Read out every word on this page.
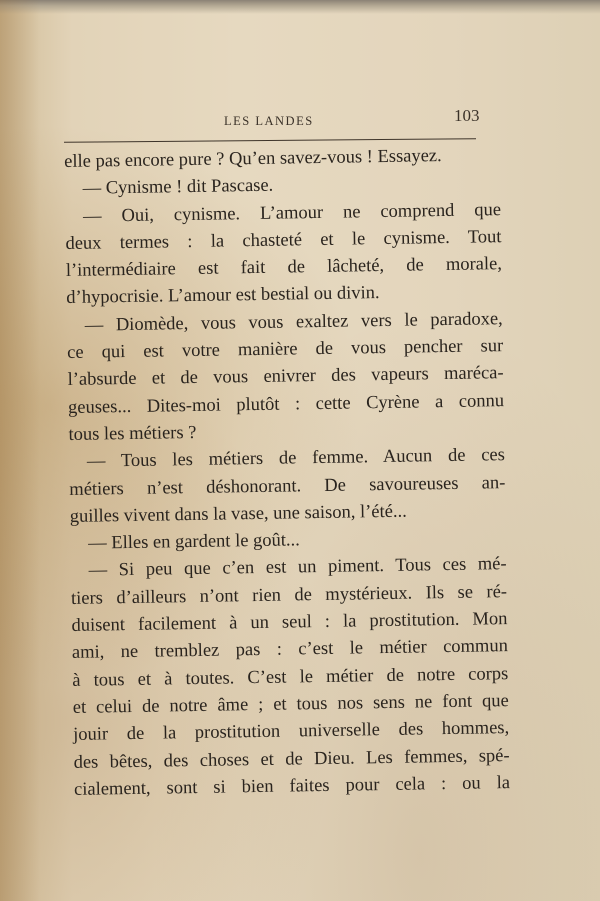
LES LANDES	103
elle pas encore pure ? Qu’en savez-vous ! Essayez.
— Cynisme ! dit Pascase.
— Oui, cynisme. L’amour ne comprend que
deux termes : la chasteté et le cynisme. Tout
l’intermédiaire est fait de lâcheté, de morale,
d’hypocrisie. L’amour est bestial ou divin.
— Diomède, vous vous exaltez vers le paradoxe,
ce qui est votre manière de vous pencher sur
l’absurde et de vous enivrer des vapeurs maréca-
geuses... Dites-moi plutôt : cette Cyrène a connu
tous les métiers ?
— Tous les métiers de femme. Aucun de ces
métiers n’est déshonorant. De savoureuses an-
guilles vivent dans la vase, une saison, l’été...
— Elles en gardent le goût...
— Si peu que c’en est un piment. Tous ces mé-
tiers d’ailleurs n’ont rien de mystérieux. Ils se ré-
duisent facilement à un seul : la prostitution. Mon
ami, ne tremblez pas : c’est le métier commun
à tous et à toutes. C’est le métier de notre corps
et celui de notre âme ; et tous nos sens ne font que
jouir de la prostitution universelle des hommes,
des bêtes, des choses et de Dieu. Les femmes, spé-
cialement, sont si bien faites pour cela : ou la
